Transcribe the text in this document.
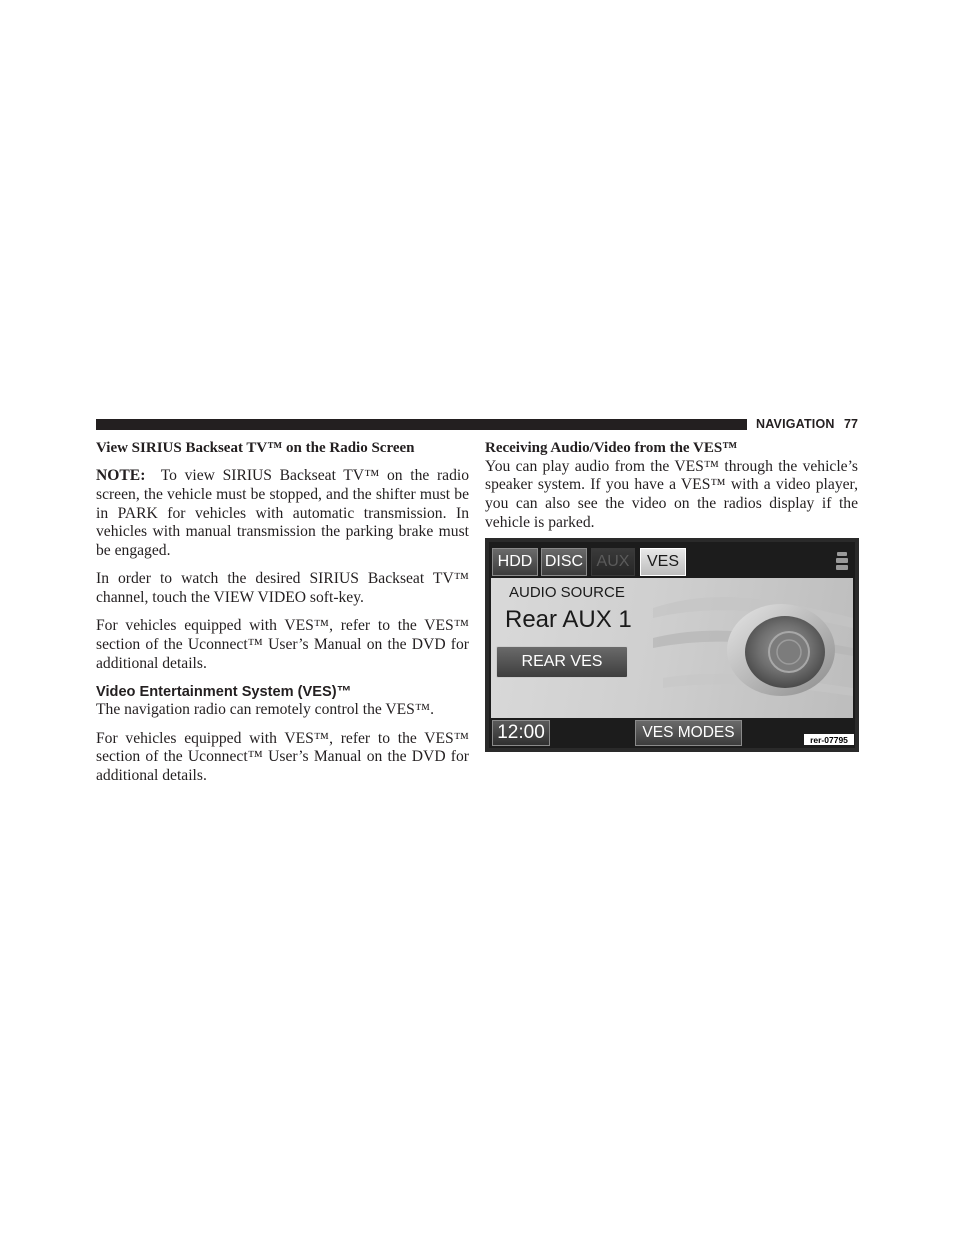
NAVIGATION 77
View SIRIUS Backseat TV™ on the Radio Screen

NOTE: To view SIRIUS Backseat TV™ on the radio screen, the vehicle must be stopped, and the shifter must be in PARK for vehicles with automatic transmission. In vehicles with manual transmission the parking brake must be engaged.

In order to watch the desired SIRIUS Backseat TV™ channel, touch the VIEW VIDEO soft-key.

For vehicles equipped with VES™, refer to the VES™ section of the Uconnect™ User’s Manual on the DVD for additional details.

Video Entertainment System (VES)™

The navigation radio can remotely control the VES™.

For vehicles equipped with VES™, refer to the VES™ section of the Uconnect™ User’s Manual on the DVD for additional details.

Receiving Audio/Video from the VES™

You can play audio from the VES™ through the vehicle’s speaker system. If you have a VES™ with a video player, you can also see the video on the radios display if the vehicle is parked.

HDD DISC AUX	VES
AUDIO SOURCE
Rear AUX 1
REAR VES
12:00	VES MODES	rer-07795
